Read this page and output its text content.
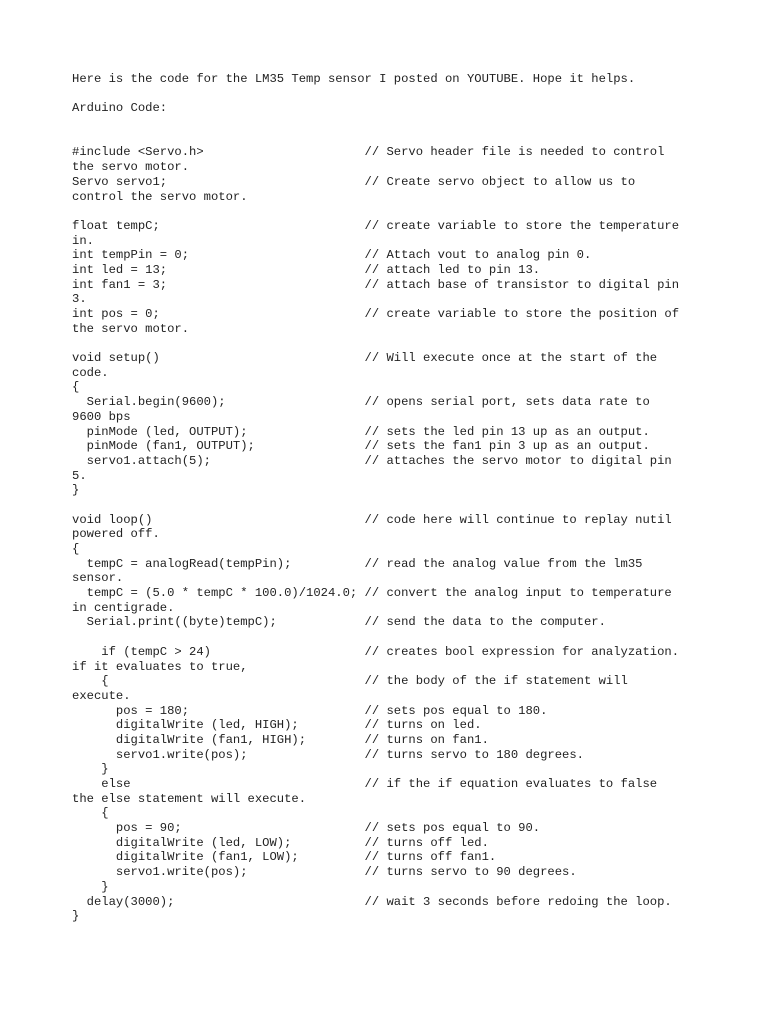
Here is the code for the LM35 Temp sensor I posted on YOUTUBE. Hope it helps.
Arduino Code:
#include <Servo.h>                      // Servo header file is needed to control
the servo motor.
Servo servo1;                           // Create servo object to allow us to
control the servo motor.
float tempC;                            // create variable to store the temperature
in.
int tempPin = 0;                        // Attach vout to analog pin 0.
int led = 13;                           // attach led to pin 13.
int fan1 = 3;                           // attach base of transistor to digital pin
3.
int pos = 0;                            // create variable to store the position of
the servo motor.
void setup()                            // Will execute once at the start of the
code.
{
Serial.begin(9600);                   // opens serial port, sets data rate to
9600 bps
pinMode (led, OUTPUT);                // sets the led pin 13 up as an output.
pinMode (fan1, OUTPUT);               // sets the fan1 pin 3 up as an output.
servo1.attach(5);                     // attaches the servo motor to digital pin
5.
}
void loop()                             // code here will continue to replay nutil
powered off.
{
tempC = analogRead(tempPin);          // read the analog value from the lm35
sensor.
tempC = (5.0 * tempC * 100.0)/1024.0; // convert the analog input to temperature
in centigrade.
Serial.print((byte)tempC);            // send the data to the computer.
if (tempC > 24)                     // creates bool expression for analyzation.
if it evaluates to true,
{                                   // the body of the if statement will
execute.
pos = 180;                        // sets pos equal to 180.
digitalWrite (led, HIGH);         // turns on led.
digitalWrite (fan1, HIGH);        // turns on fan1.
servo1.write(pos);                // turns servo to 180 degrees.
}
else                                // if the if equation evaluates to false
the else statement will execute.
{
pos = 90;                         // sets pos equal to 90.
digitalWrite (led, LOW);          // turns off led.
digitalWrite (fan1, LOW);         // turns off fan1.
servo1.write(pos);                // turns servo to 90 degrees.
}
delay(3000);                          // wait 3 seconds before redoing the loop.
}
